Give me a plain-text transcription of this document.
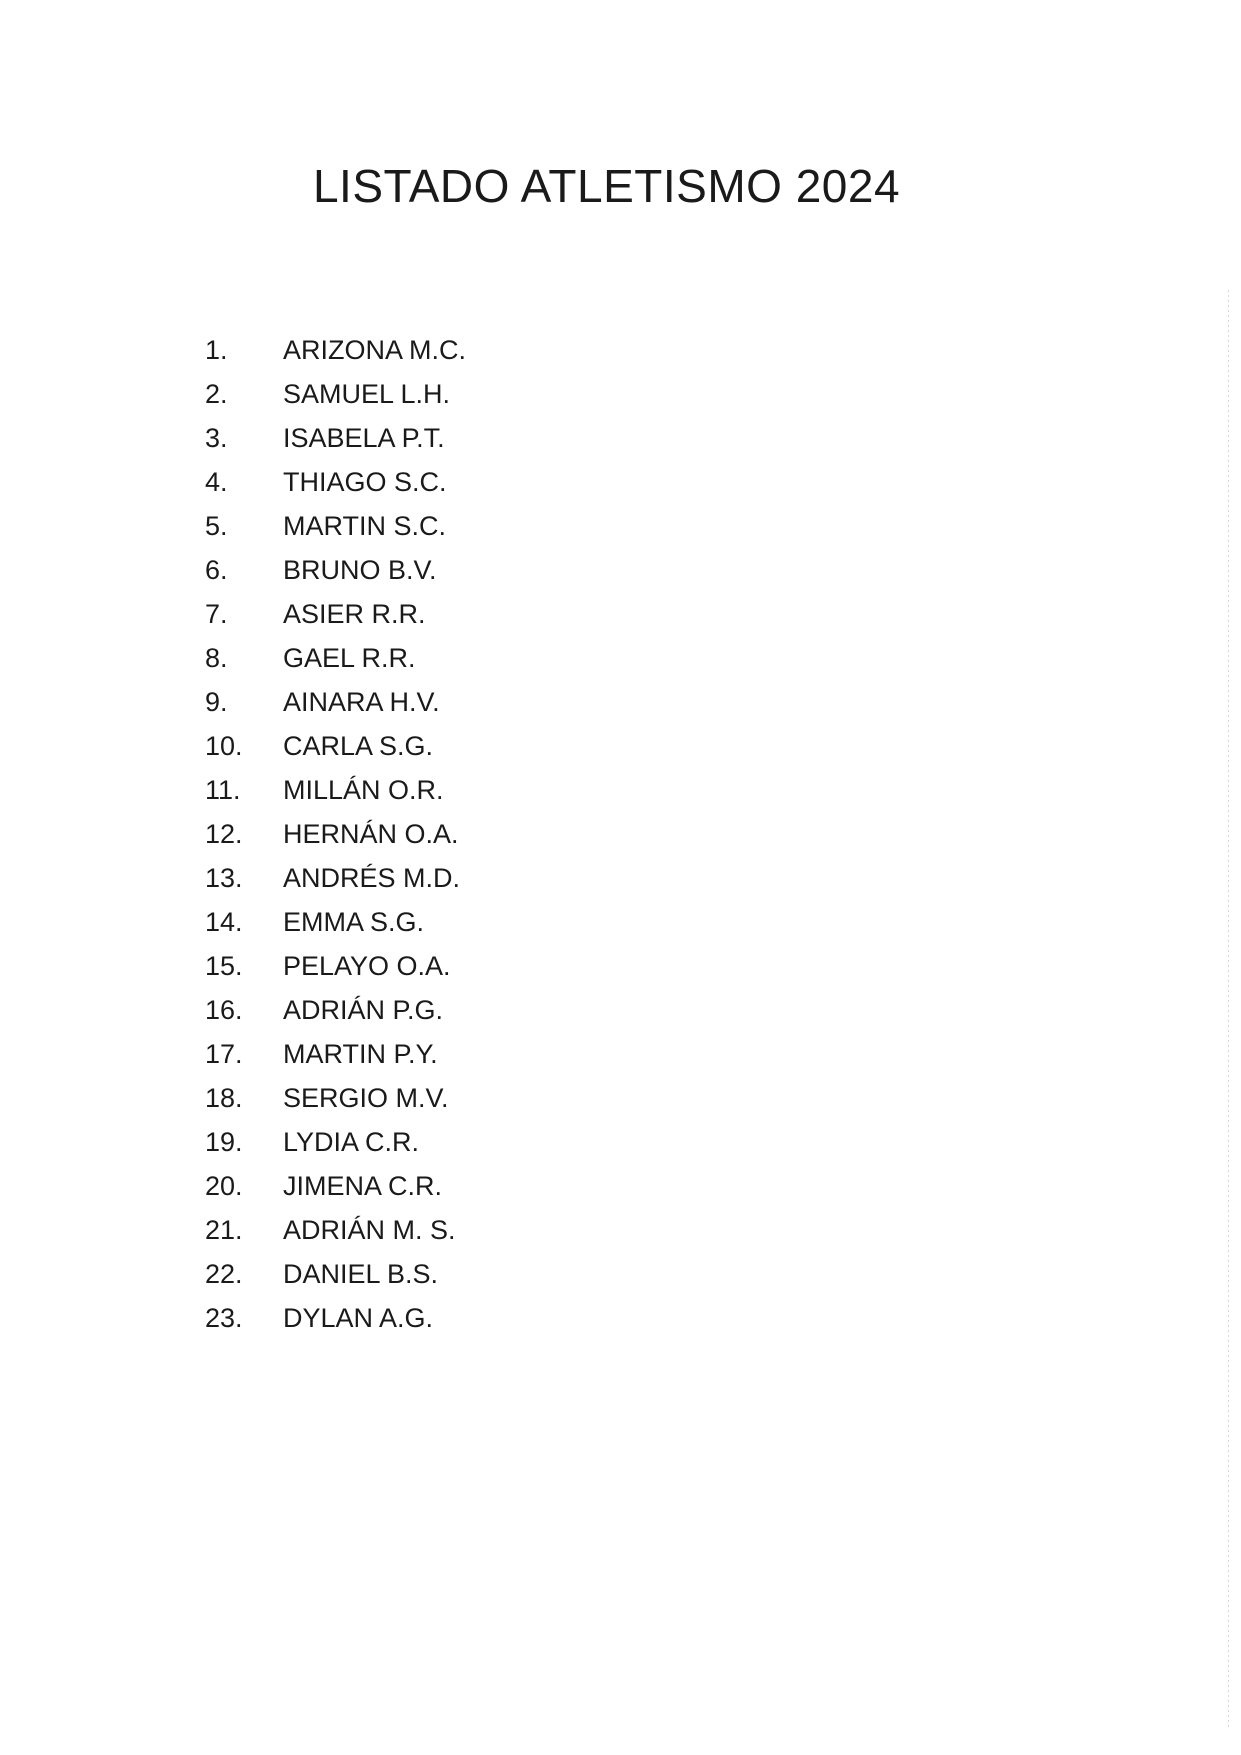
LISTADO ATLETISMO 2024
1.	ARIZONA M.C.
2.	SAMUEL L.H.
3.	ISABELA P.T.
4.	THIAGO S.C.
5.	MARTIN S.C.
6.	BRUNO B.V.
7.	ASIER R.R.
8.	GAEL R.R.
9.	AINARA H.V.
10.	CARLA S.G.
11.	MILLÁN O.R.
12.	HERNÁN O.A.
13.	ANDRÉS M.D.
14.	EMMA S.G.
15.	PELAYO O.A.
16.	ADRIÁN P.G.
17.	MARTIN P.Y.
18.	SERGIO M.V.
19.	LYDIA C.R.
20.	JIMENA C.R.
21.	ADRIÁN M. S.
22.	DANIEL B.S.
23.	DYLAN A.G.
